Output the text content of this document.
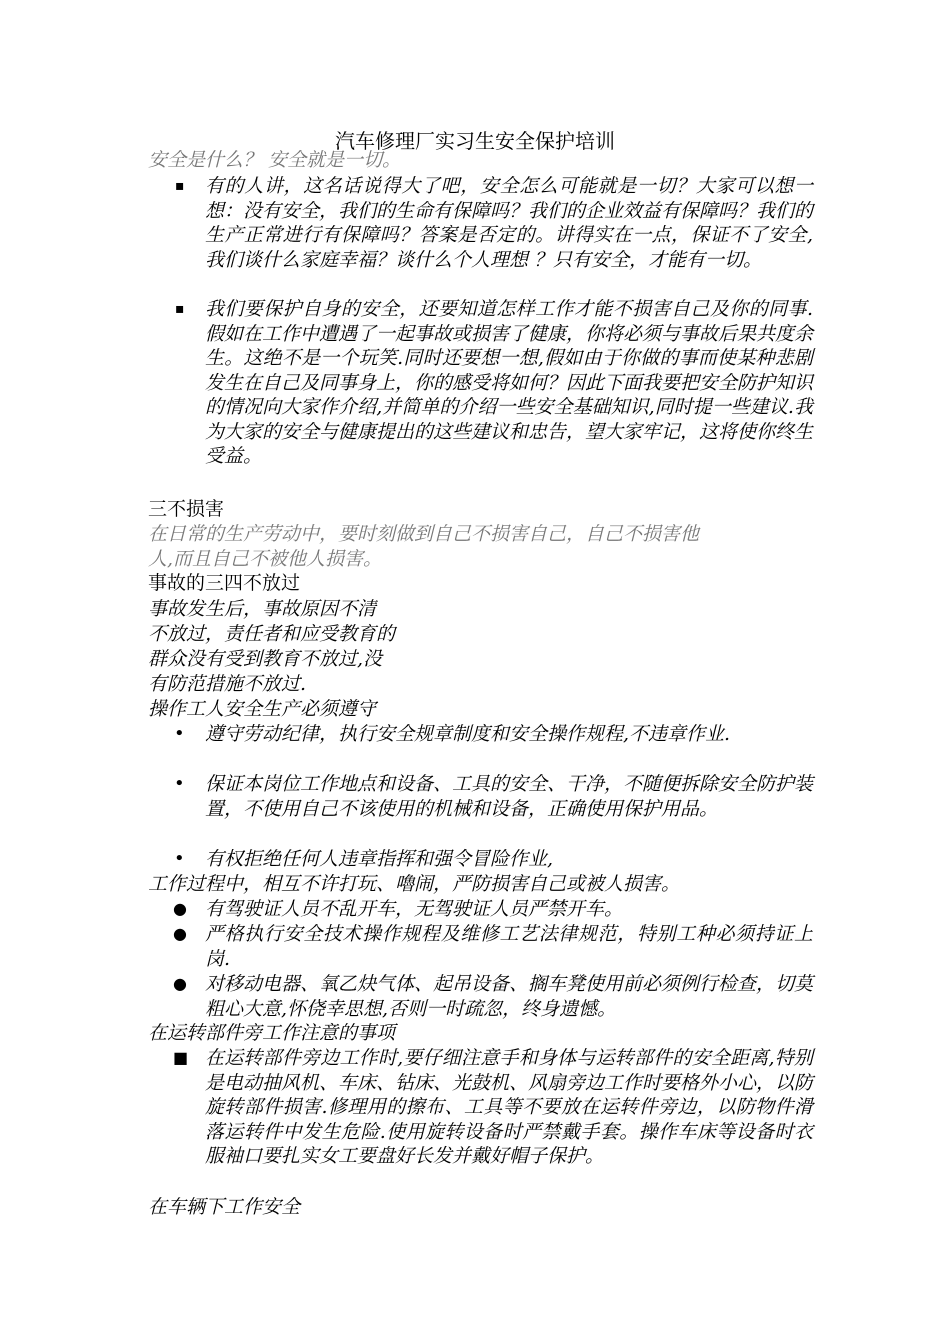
汽车修理厂实习生安全保护培训
安全是什么？ 安全就是一切。
▪ 有的人讲，这名话说得大了吧，安全怎么可能就是一切？大家可以想一想：没有安全，我们的生命有保障吗？我们的企业效益有保障吗？我们的生产正常进行有保障吗？答案是否定的。讲得实在一点，保证不了安全,我们谈什么家庭幸福？谈什么个人理想 ？只有安全，才能有一切。
▪ 我们要保护自身的安全，还要知道怎样工作才能不损害自己及你的同事.假如在工作中遭遇了一起事故或损害了健康，你将必须与事故后果共度余生。这绝不是一个玩笑.同时还要想一想,假如由于你做的事而使某种悲剧发生在自己及同事身上，你的感受将如何？因此下面我要把安全防护知识的情况向大家作介绍,并简单的介绍一些安全基础知识,同时提一些建议.我为大家的安全与健康提出的这些建议和忠告，望大家牢记，这将使你终生受益。
三不损害
在日常的生产劳动中，要时刻做到自己不损害自己，自己不损害他
人,而且自己不被他人损害。
事故的三四不放过
事故发生后，事故原因不清
不放过，责任者和应受教育的
群众没有受到教育不放过,没
有防范措施不放过.
操作工人安全生产必须遵守
• 遵守劳动纪律，执行安全规章制度和安全操作规程,不违章作业.
• 保证本岗位工作地点和设备、工具的安全、干净，不随便拆除安全防护装置，不使用自己不该使用的机械和设备，正确使用保护用品。
• 有权拒绝任何人违章指挥和强令冒险作业,
工作过程中，相互不许打玩、嚕闹，严防损害自己或被人损害。
● 有驾驶证人员不乱开车，无驾驶证人员严禁开车。
● 严格执行安全技术操作规程及维修工艺法律规范，特别工种必须持证上岗.
● 对移动电器、氧乙炔气体、起吊设备、搁车凳使用前必须例行检查，切莫粗心大意,怀侥幸思想,否则一时疏忽，终身遗憾。
在运转部件旁工作注意的事项
■ 在运转部件旁边工作时,要仔细注意手和身体与运转部件的安全距离,特别是电动抽风机、车床、钻床、光鼓机、风扇旁边工作时要格外小心，以防旋转部件损害.修理用的擦布、工具等不要放在运转件旁边，以防物件滑落运转件中发生危险.使用旋转设备时严禁戴手套。操作车床等设备时衣服袖口要扎实女工要盘好长发并戴好帽子保护。
在车辆下工作安全
